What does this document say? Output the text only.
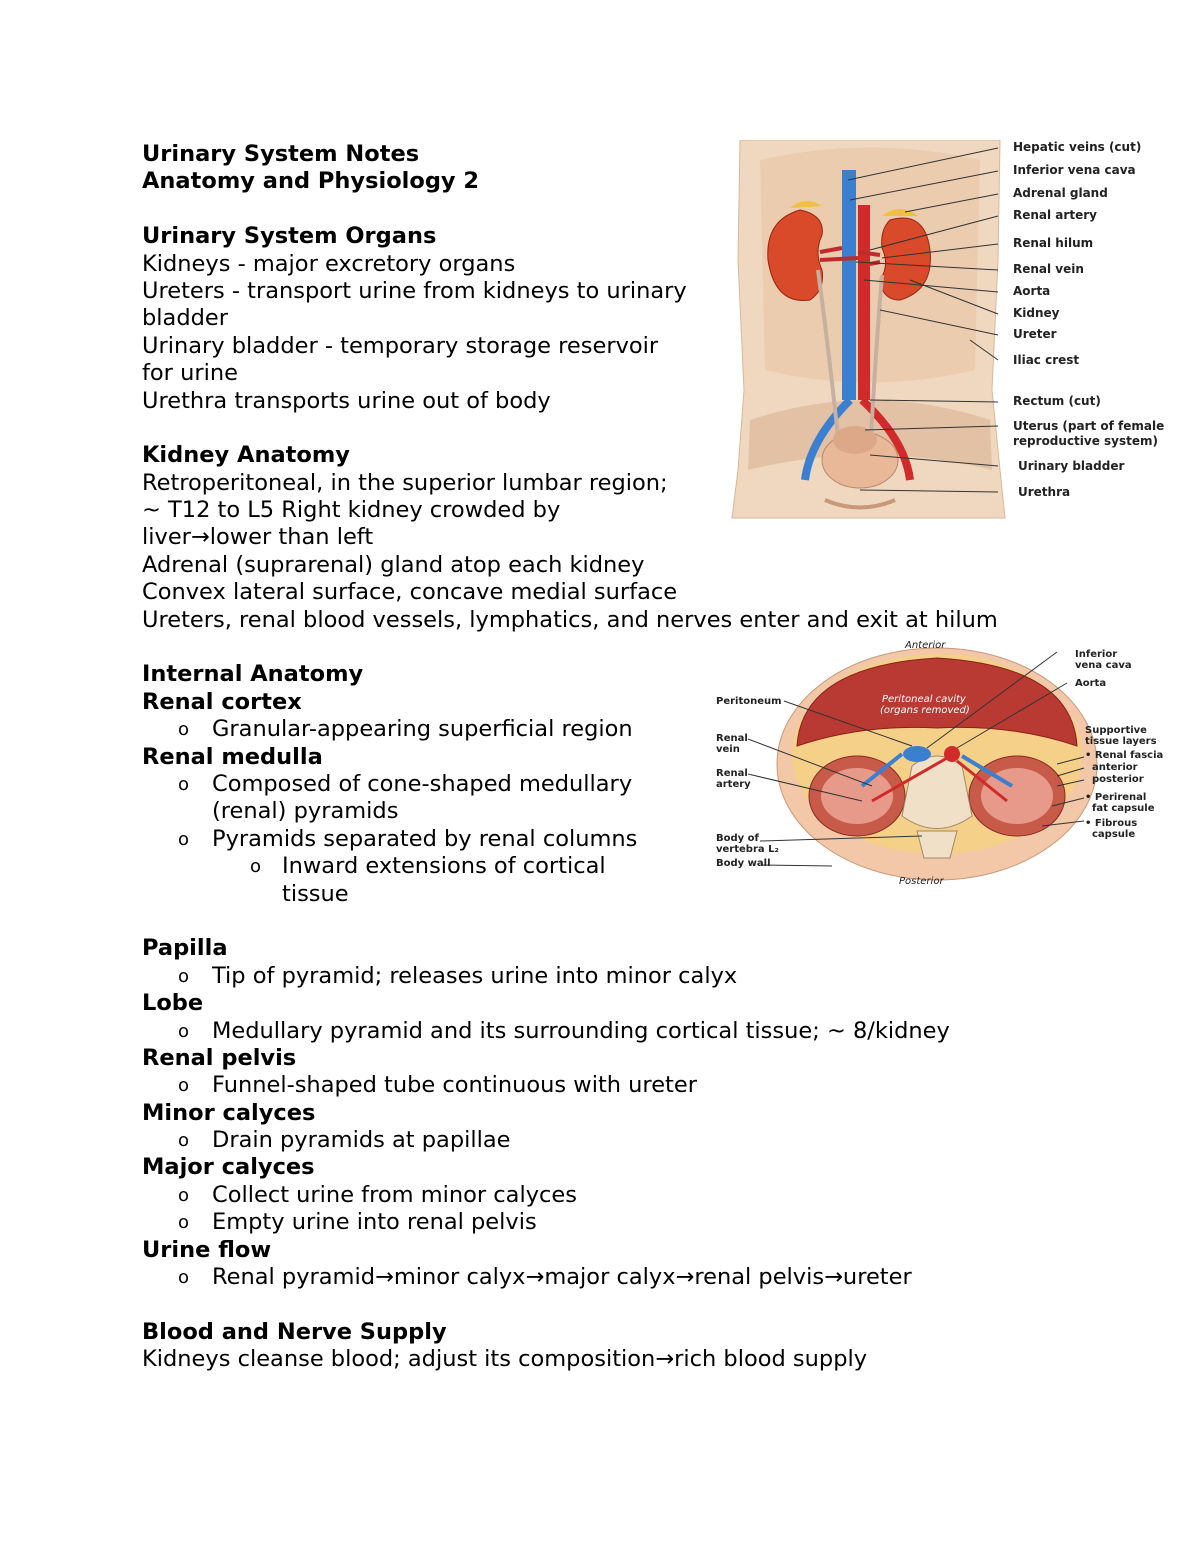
Urinary System Notes
Anatomy and Physiology 2
Urinary System Organs
Kidneys - major excretory organs
Ureters - transport urine from kidneys to urinary
bladder
Urinary bladder - temporary storage reservoir
for urine
Urethra transports urine out of body
Kidney Anatomy
Retroperitoneal, in the superior lumbar region;
~ T12 to L5 Right kidney crowded by
liver→lower than left
Adrenal (suprarenal) gland atop each kidney
Convex lateral surface, concave medial surface
Ureters, renal blood vessels, lymphatics, and nerves enter and exit at hilum
Internal Anatomy
Renal cortex
o Granular-appearing superficial region
Renal medulla
o Composed of cone-shaped medullary
(renal) pyramids
o Pyramids separated by renal columns
o Inward extensions of cortical
tissue
Papilla
o Tip of pyramid; releases urine into minor calyx
Lobe
o Medullary pyramid and its surrounding cortical tissue; ~ 8/kidney
Renal pelvis
o Funnel-shaped tube continuous with ureter
Minor calyces
o Drain pyramids at papillae
Major calyces
o Collect urine from minor calyces
o Empty urine into renal pelvis
Urine flow
o Renal pyramid→minor calyx→major calyx→renal pelvis→ureter
Blood and Nerve Supply
Kidneys cleanse blood; adjust its composition→rich blood supply
Hepatic veins (cut)
Inferior vena cava
Adrenal gland
Renal artery
Renal hilum
Renal vein
Aorta
Kidney
Ureter
Iliac crest
Rectum (cut)
Uterus (part of female
reproductive system)
Urinary bladder
Urethra
Anterior
Posterior
Peritoneal cavity
(organs removed)
Peritoneum
Renal
vein
Renal
artery
Body of
vertebra L₂
Body wall
Inferior
vena cava
Aorta
Supportive
tissue layers
• Renal fascia
anterior
posterior
• Perirenal
fat capsule
• Fibrous
capsule
